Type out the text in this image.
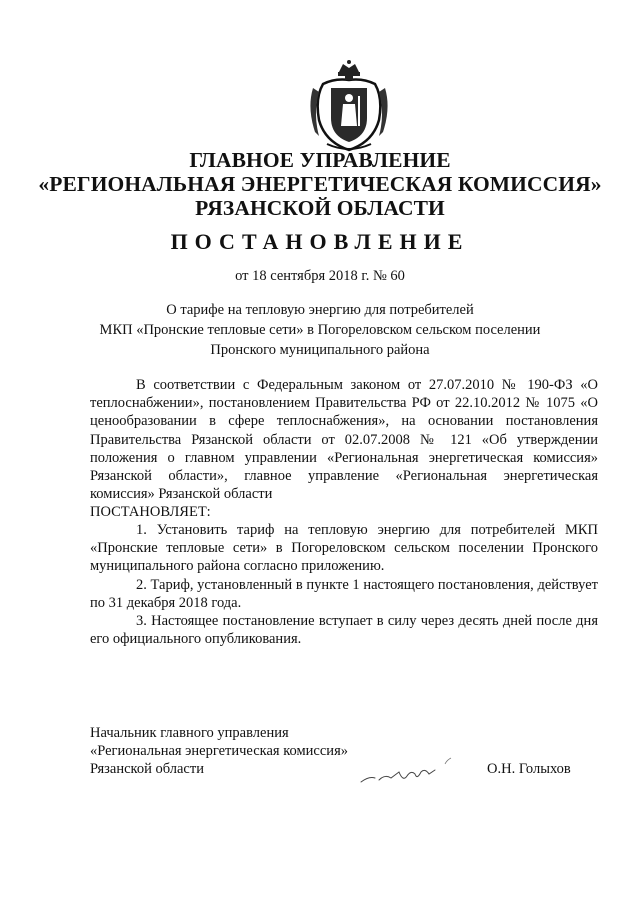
ГЛАВНОЕ УПРАВЛЕНИЕ
«РЕГИОНАЛЬНАЯ ЭНЕРГЕТИЧЕСКАЯ КОМИССИЯ»
РЯЗАНСКОЙ ОБЛАСТИ
ПОСТАНОВЛЕНИЕ
от 18 сентября 2018 г. № 60
О тарифе на тепловую энергию для потребителей
МКП «Пронские тепловые сети» в Погореловском сельском поселении
Пронского муниципального района

В соответствии с Федеральным законом от 27.07.2010 № 190-ФЗ «О теплоснабжении», постановлением Правительства РФ от 22.10.2012 № 1075 «О ценообразовании в сфере теплоснабжения», на основании постановления Правительства Рязанской области от 02.07.2008 № 121 «Об утверждении положения о главном управлении «Региональная энергетическая комиссия» Рязанской области», главное управление «Региональная энергетическая комиссия» Рязанской области

ПОСТАНОВЛЯЕТ:

1. Установить тариф на тепловую энергию для потребителей МКП «Пронские тепловые сети» в Погореловском сельском поселении Пронского муниципального района согласно приложению.

2. Тариф, установленный в пункте 1 настоящего постановления, действует по 31 декабря 2018 года.

3. Настоящее постановление вступает в силу через десять дней после дня его официального опубликования.

Начальник главного управления
«Региональная энергетическая комиссия»
Рязанской области	О.Н. Голыхов
